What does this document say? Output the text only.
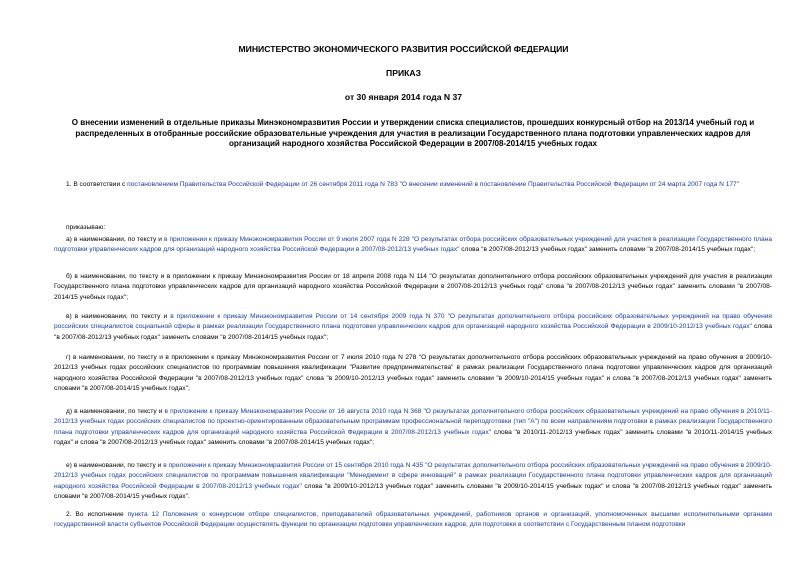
МИНИСТЕРСТВО ЭКОНОМИЧЕСКОГО РАЗВИТИЯ РОССИЙСКОЙ ФЕДЕРАЦИИ
ПРИКАЗ
от 30 января 2014 года N 37
О внесении изменений в отдельные приказы Минэкономразвития России и утверждении списка специалистов, прошедших конкурсный отбор на 2013/14 учебный год и распределенных в отобранные российские образовательные учреждения для участия в реализации Государственного плана подготовки управленческих кадров для организаций народного хозяйства Российской Федерации в 2007/08-2014/15 учебных годах
1. В соответствии с постановлением Правительства Российской Федерации от 26 сентября 2011 года N 783 "О внесении изменений в постановление Правительства Российской Федерации от 24 марта 2007 года N 177"
приказываю:
а) в наименовании, по тексту и в приложении к приказу Минэкономразвития России от 9 июля 2007 года N 228 "О результатах отбора российских образовательных учреждений для участия в реализации Государственного плана подготовки управленческих кадров для организаций народного хозяйства Российской Федерации в 2007/08-2012/13 учебных годах" слова "в 2007/08-2012/13 учебных годах" заменить словами "в 2007/08-2014/15 учебных годах";
б) в наименовании, по тексту и в приложении к приказу Минэкономразвития России от 18 апреля 2008 года N 114 "О результатах дополнительного отбора российских образовательных учреждений для участия в реализации Государственного плана подготовки управленческих кадров для организаций народного хозяйства Российской Федерации в 2007/08-2012/13 учебных года" слова "в 2007/08-2012/13 учебных годах" заменить словами "в 2007/08-2014/15 учебных годах";
в) в наименовании, по тексту и в приложении к приказу Минэкономразвития России от 14 сентября 2009 года N 370 "О результатах дополнительного отбора российских образовательных учреждений на право обучения российских специалистов социальной сферы в рамках реализации Государственного плана подготовки управленческих кадров для организаций народного хозяйства Российской Федерации в 2009/10-2012/13 учебных годах" слова "в 2007/08-2012/13 учебных годах" заменить словами "в 2007/08-2014/15 учебных годах";
г) в наименовании, по тексту и в приложении к приказу Минэкономразвития России от 7 июля 2010 года N 278 "О результатах дополнительного отбора российских образовательных учреждений на право обучения в 2009/10-2012/13 учебных годах российских специалистов по программам повышения квалификации "Развитие предпринимательства" в рамках реализации Государственного плана подготовки управленческих кадров для организаций народного хозяйства Российской Федерации "в 2007/08-2012/13 учебных годах" слова "в 2009/10-2012/13 учебных годах" заменить словами "в 2009/10-2014/15 учебных годах" и слова "в 2007/08-2012/13 учебных годах" заменить словами "в 2007/08-2014/15 учебных годах";
д) в наименовании, по тексту и в приложении к приказу Минэкономразвития России от 16 августа 2010 года N 368 "О результатах дополнительного отбора российских образовательных учреждений на право обучения в 2010/11-2012/13 учебных годах российских специалистов по проектно-ориентированным образовательным программам профессиональной переподготовки (тип "А") по всем направлениям подготовки в рамках реализации Государственного плана подготовки управленческих кадров для организаций народного хозяйства Российской Федерации в 2007/08-2012/13 учебных годах" слова "в 2010/11-2012/13 учебных годах" заменить словами "в 2010/11-2014/15 учебных годах" и слова "в 2007/08-2012/13 учебных годах" заменить словами "в 2007/08-2014/15 учебных годах";
е) в наименовании, по тексту и в приложении к приказу Минэкономразвития России от 15 сентября 2010 года N 435 "О результатах дополнительного отбора российских образовательных учреждений на право обучения в 2009/10-2012/13 учебных годах российских специалистов по программам повышения квалификации "Менеджмент в сфере инноваций" в рамках реализации Государственного плана подготовки управленческих кадров для организаций народного хозяйства Российской Федерации в 2007/08-2012/13 учебных годах" слова "в 2009/10-2012/13 учебных годах" заменить словами "в 2009/10-2014/15 учебных годах" и слова "в 2007/08-2012/13 учебных годах" заменить словами "в 2007/08-2014/15 учебных годах".
2. Во исполнение пункта 12 Положения о конкурсном отборе специалистов, преподавателей образовательных учреждений, работников органов и организаций, уполномоченных высшими исполнительными органами государственной власти субъектов Российской Федерации осуществлять функции по организации подготовки управленческих кадров, для подготовки в соответствии с Государственным планом подготовки
